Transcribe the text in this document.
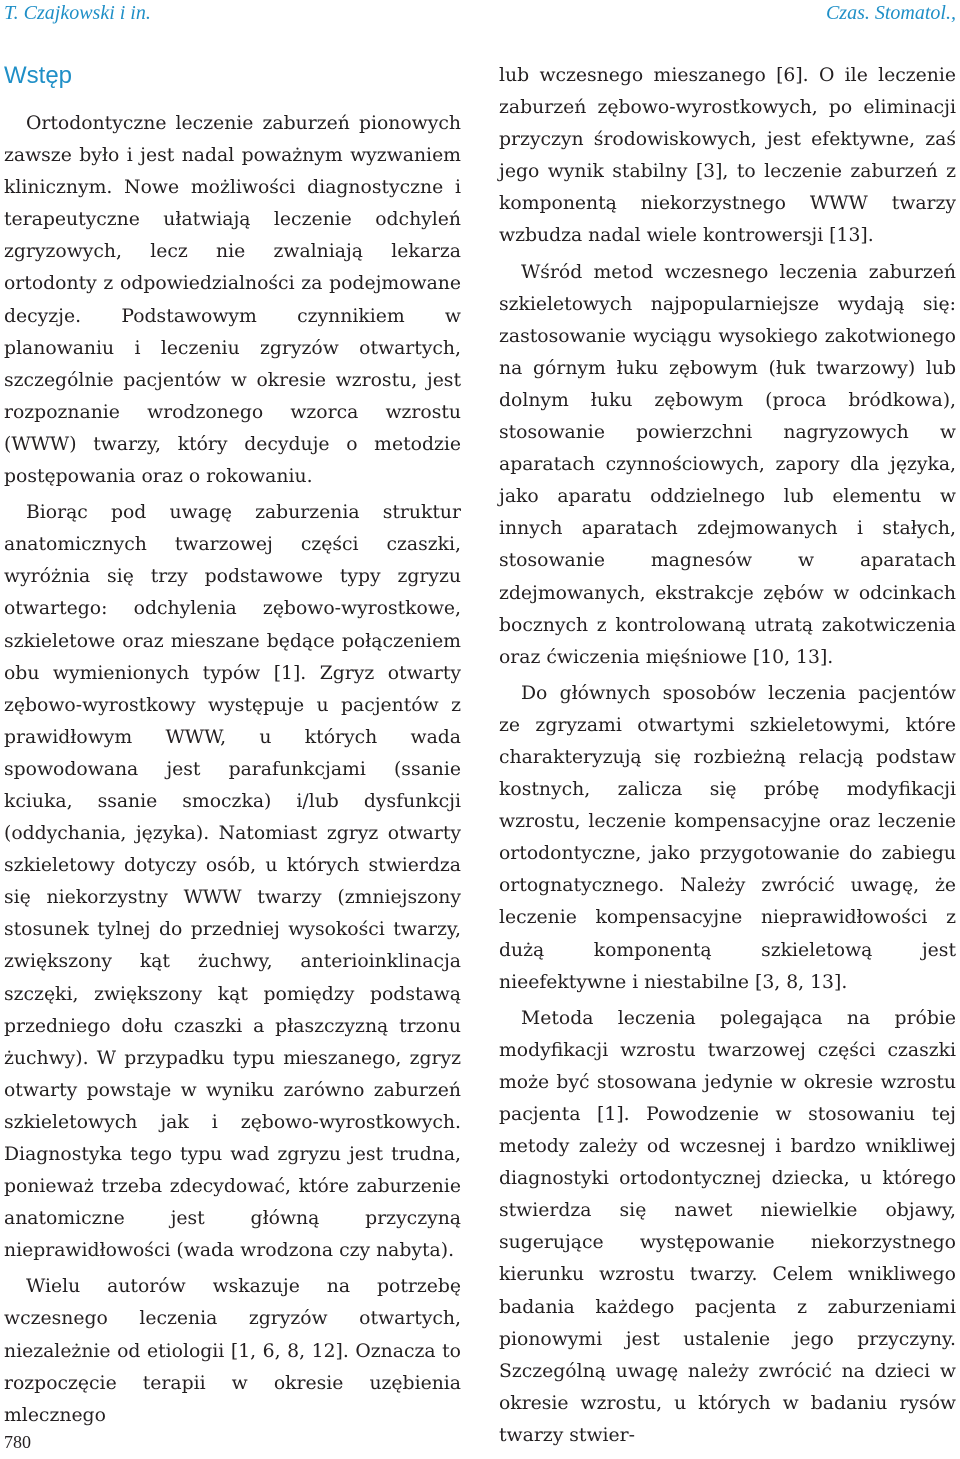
T. Czajkowski i in.	Czas. Stomatol.,
Wstęp

Ortodontyczne leczenie zaburzeń pionowych zawsze było i jest nadal poważnym wyzwaniem klinicznym. Nowe możliwości diagnostyczne i terapeutyczne ułatwiają leczenie odchyleń zgryzowych, lecz nie zwalniają lekarza ortodonty z odpowiedzialności za podejmowane decyzje. Podstawowym czynnikiem w planowaniu i leczeniu zgryzów otwartych, szczególnie pacjentów w okresie wzrostu, jest rozpoznanie wrodzonego wzorca wzrostu (WWW) twarzy, który decyduje o metodzie postępowania oraz o rokowaniu.

Biorąc pod uwagę zaburzenia struktur anatomicznych twarzowej części czaszki, wyróżnia się trzy podstawowe typy zgryzu otwartego: odchylenia zębowo-wyrostkowe, szkieletowe oraz mieszane będące połączeniem obu wymienionych typów [1]. Zgryz otwarty zębowo-wyrostkowy występuje u pacjentów z prawidłowym WWW, u których wada spowodowana jest parafunkcjami (ssanie kciuka, ssanie smoczka) i/lub dysfunkcji (oddychania, języka). Natomiast zgryz otwarty szkieletowy dotyczy osób, u których stwierdza się niekorzystny WWW twarzy (zmniejszony stosunek tylnej do przedniej wysokości twarzy, zwiększony kąt żuchwy, anterioinklinacja szczęki, zwiększony kąt pomiędzy podstawą przedniego dołu czaszki a płaszczyzną trzonu żuchwy). W przypadku typu mieszanego, zgryz otwarty powstaje w wyniku zarówno zaburzeń szkieletowych jak i zębowo-wyrostkowych. Diagnostyka tego typu wad zgryzu jest trudna, ponieważ trzeba zdecydować, które zaburzenie anatomiczne jest główną przyczyną nieprawidłowości (wada wrodzona czy nabyta).

Wielu autorów wskazuje na potrzebę wczesnego leczenia zgryzów otwartych, niezależnie od etiologii [1, 6, 8, 12]. Oznacza to rozpoczęcie terapii w okresie uzębienia mlecznego

lub wczesnego mieszanego [6]. O ile leczenie zaburzeń zębowo-wyrostkowych, po eliminacji przyczyn środowiskowych, jest efektywne, zaś jego wynik stabilny [3], to leczenie zaburzeń z komponentą niekorzystnego WWW twarzy wzbudza nadal wiele kontrowersji [13].

Wśród metod wczesnego leczenia zaburzeń szkieletowych najpopularniejsze wydają się: zastosowanie wyciągu wysokiego zakotwionego na górnym łuku zębowym (łuk twarzowy) lub dolnym łuku zębowym (proca bródkowa), stosowanie powierzchni nagryzowych w aparatach czynnościowych, zapory dla języka, jako aparatu oddzielnego lub elementu w innych aparatach zdejmowanych i stałych, stosowanie magnesów w aparatach zdejmowanych, ekstrakcje zębów w odcinkach bocznych z kontrolowaną utratą zakotwiczenia oraz ćwiczenia mięśniowe [10, 13].

Do głównych sposobów leczenia pacjentów ze zgryzami otwartymi szkieletowymi, które charakteryzują się rozbieżną relacją podstaw kostnych, zalicza się próbę modyfikacji wzrostu, leczenie kompensacyjne oraz leczenie ortodontyczne, jako przygotowanie do zabiegu ortognatycznego. Należy zwrócić uwagę, że leczenie kompensacyjne nieprawidłowości z dużą komponentą szkieletową jest nieefektywne i niestabilne [3, 8, 13].

Metoda leczenia polegająca na próbie modyfikacji wzrostu twarzowej części czaszki może być stosowana jedynie w okresie wzrostu pacjenta [1]. Powodzenie w stosowaniu tej metody zależy od wczesnej i bardzo wnikliwej diagnostyki ortodontycznej dziecka, u którego stwierdza się nawet niewielkie objawy, sugerujące występowanie niekorzystnego kierunku wzrostu twarzy. Celem wnikliwego badania każdego pacjenta z zaburzeniami pionowymi jest ustalenie jego przyczyny. Szczególną uwagę należy zwrócić na dzieci w okresie wzrostu, u których w badaniu rysów twarzy stwier-

780
